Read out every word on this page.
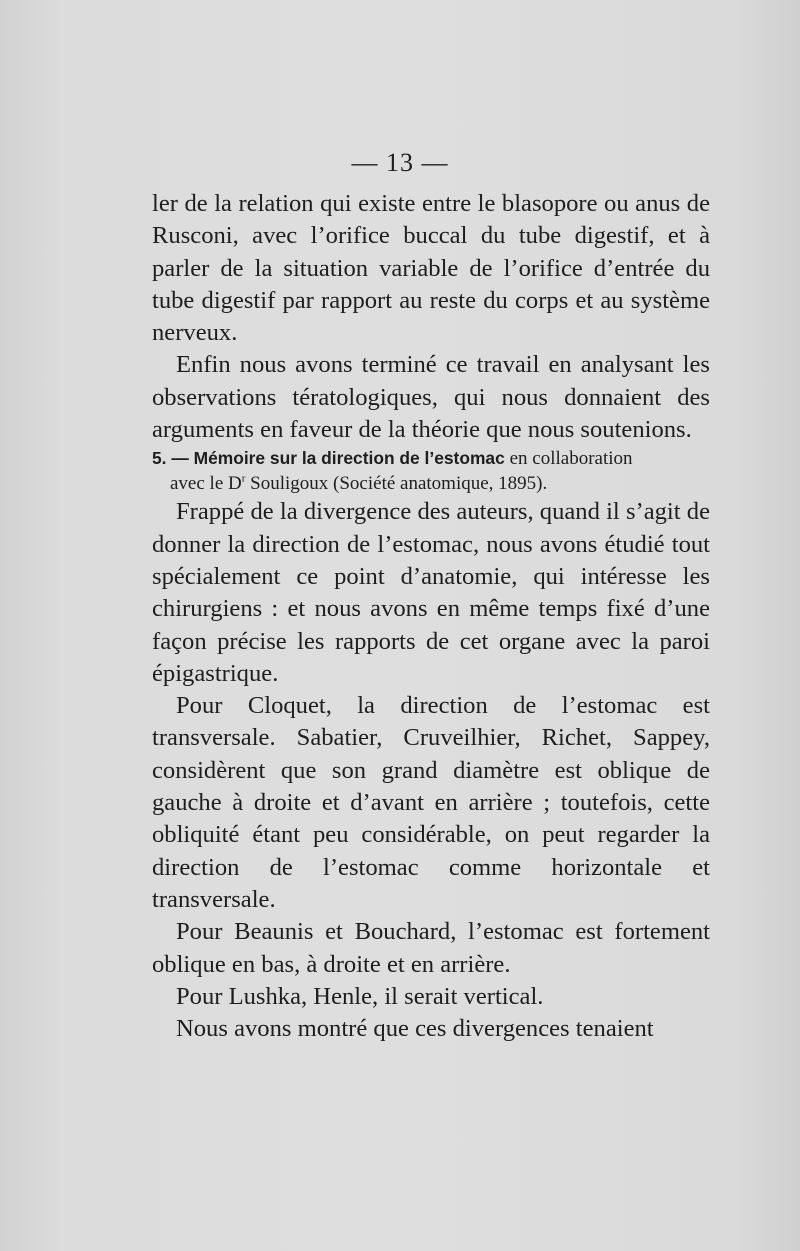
— 13 —

ler de la relation qui existe entre le blasopore ou anus de Rusconi, avec l’orifice buccal du tube digestif, et à parler de la situation variable de l’orifice d’entrée du tube digestif par rapport au reste du corps et au système nerveux.

Enfin nous avons terminé ce travail en analysant les observations tératologiques, qui nous donnaient des arguments en faveur de la théorie que nous soutenions.

5. — Mémoire sur la direction de l’estomac en collaboration
avec le $D^r$ Souligoux (Société anatomique, 1895).

Frappé de la divergence des auteurs, quand il s’agit de donner la direction de l’estomac, nous avons étudié tout spécialement ce point d’anatomie, qui intéresse les chirurgiens : et nous avons en même temps fixé d’une façon précise les rapports de cet organe avec la paroi épigastrique.

Pour Cloquet, la direction de l’estomac est transversale. Sabatier, Cruveilhier, Richet, Sappey, considèrent que son grand diamètre est oblique de gauche à droite et d’avant en arrière ; toutefois, cette obliquité étant peu considérable, on peut regarder la direction de l’estomac comme horizontale et transversale.

Pour Beaunis et Bouchard, l’estomac est fortement oblique en bas, à droite et en arrière.

Pour Lushka, Henle, il serait vertical.

Nous avons montré que ces divergences tenaient
